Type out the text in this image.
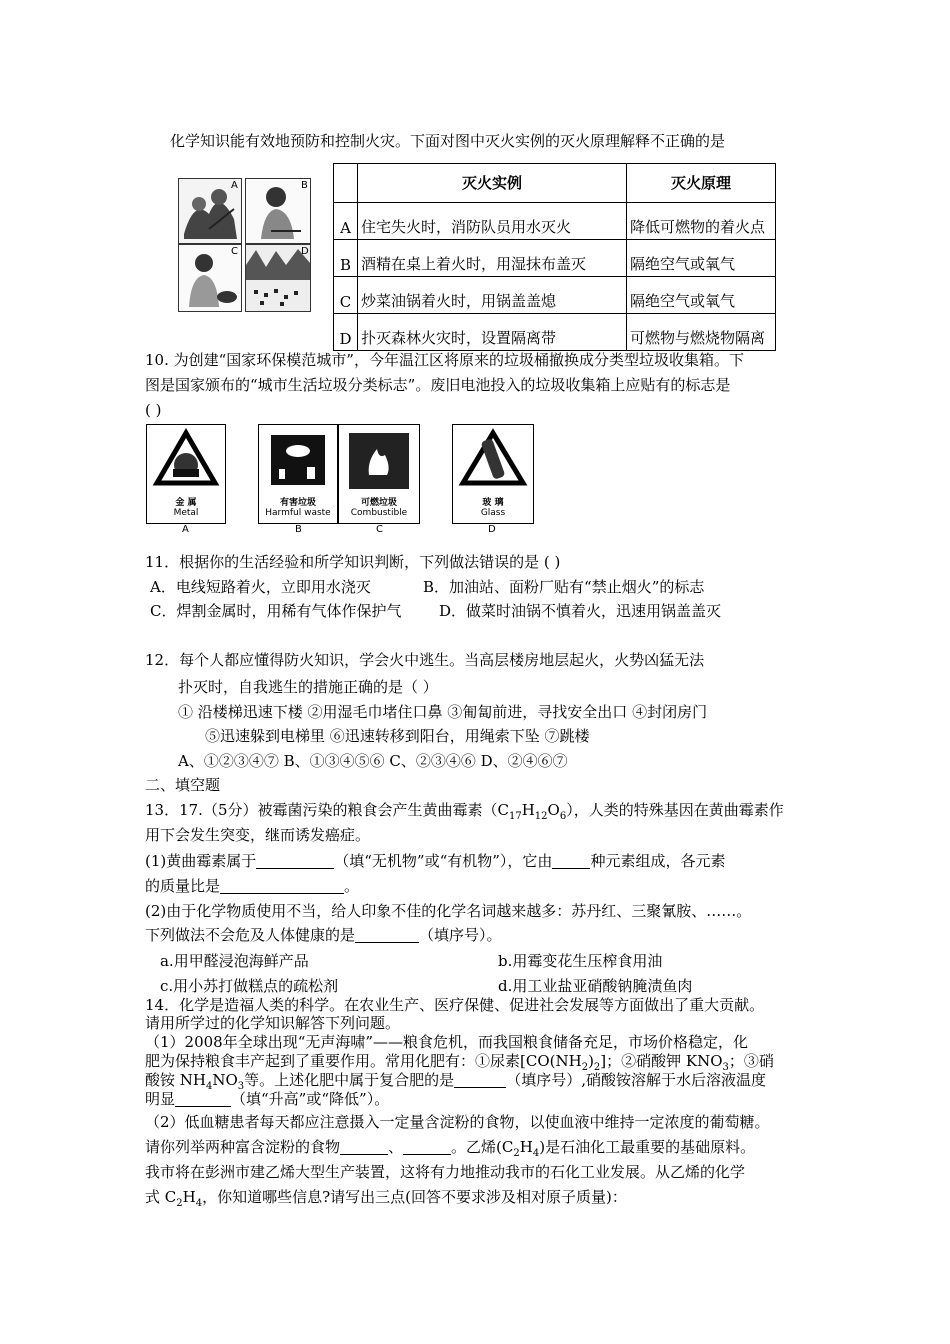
化学知识能有效地预防和控制火灾。下面对图中灭火实例的灭火原理解释不正确的是
A	B
C	D
	灭火实例	灭火原理
A	住宅失火时，消防队员用水灭火	降低可燃物的着火点
B	酒精在桌上着火时，用湿抹布盖灭	隔绝空气或氧气
C	炒菜油锅着火时，用锅盖盖熄	隔绝空气或氧气
D	扑灭森林火灾时，设置隔离带	可燃物与燃烧物隔离
10. 为创建“国家环保模范城市”，今年温江区将原来的垃圾桶撤换成分类型垃圾收集箱。下
图是国家颁布的“城市生活垃圾分类标志”。废旧电池投入的垃圾收集箱上应贴有的标志是
( )
金 属
Metal
有害垃圾
Harmful waste
可燃垃圾
Combustible
玻 璃
Glass
A	B	C	D
11．根据你的生活经验和所学知识判断，下列做法错误的是 ( )
A．电线短路着火，立即用水浇灭	B．加油站、面粉厂贴有“禁止烟火”的标志
C．焊割金属时，用稀有气体作保护气	D．做菜时油锅不慎着火，迅速用锅盖盖灭
12．每个人都应懂得防火知识，学会火中逃生。当高层楼房地层起火，火势凶猛无法
扑灭时，自我逃生的措施正确的是（ ）
① 沿楼梯迅速下楼 ②用湿毛巾堵住口鼻 ③匍匐前进，寻找安全出口 ④封闭房门
⑤迅速躲到电梯里 ⑥迅速转移到阳台，用绳索下坠 ⑦跳楼
A、①②③④⑦ B、①③④⑤⑥ C、②③④⑥ D、②④⑥⑦
二、填空题
13．17.（5分）被霉菌污染的粮食会产生黄曲霉素$(C_{17}H_{12}O_6)$，人类的特殊基因在黄曲霉素作
用下会发生突变，继而诱发癌症。
(1)黄曲霉素属于	（填“无机物”或“有机物”），它由	种元素组成，各元素
的质量比是	。
(2)由于化学物质使用不当，给人印象不佳的化学名词越来越多：苏丹红、三聚氰胺、……。
下列做法不会危及人体健康的是	（填序号）。
a.用甲醛浸泡海鲜产品	b.用霉变花生压榨食用油
c.用小苏打做糕点的疏松剂	d.用工业盐亚硝酸钠腌渍鱼肉
14．化学是造福人类的科学。在农业生产、医疗保健、促进社会发展等方面做出了重大贡献。
请用所学过的化学知识解答下列问题。
（1）2008年全球出现“无声海啸”——粮食危机，而我国粮食储备充足，市场价格稳定，化
肥为保持粮食丰产起到了重要作用。常用化肥有：①尿素$[CO(NH_2)_2]$；②硝酸钾 $KNO_3$；③硝
酸铵 $NH_4NO_3$等。上述化肥中属于复合肥的是	（填序号）,硝酸铵溶解于水后溶液温度
明显	（填“升高”或“降低”）。
（2）低血糖患者每天都应注意摄入一定量含淀粉的食物，以使血液中维持一定浓度的葡萄糖。
请你列举两种富含淀粉的食物	、	。乙烯$(C_2H_4)$是石油化工最重要的基础原料。
我市将在彭洲市建乙烯大型生产装置，这将有力地推动我市的石化工业发展。从乙烯的化学
式 $C_2H_4$，你知道哪些信息?请写出三点(回答不要求涉及相对原子质量)：
